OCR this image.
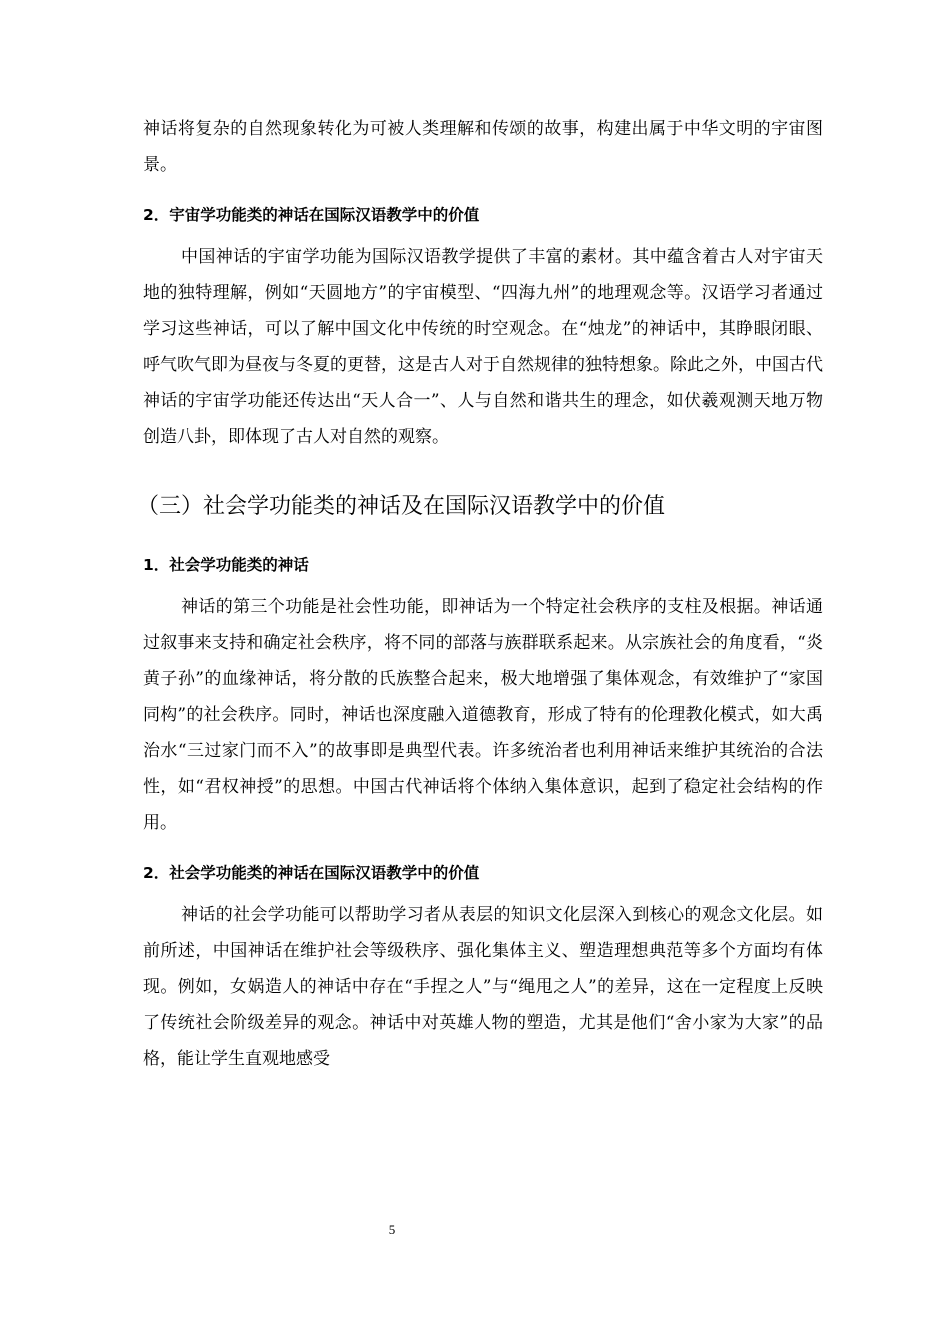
神话将复杂的自然现象转化为可被人类理解和传颂的故事，构建出属于中华文明的宇宙图景。

2．宇宙学功能类的神话在国际汉语教学中的价值

中国神话的宇宙学功能为国际汉语教学提供了丰富的素材。其中蕴含着古人对宇宙天地的独特理解，例如“天圆地方”的宇宙模型、“四海九州”的地理观念等。汉语学习者通过学习这些神话，可以了解中国文化中传统的时空观念。在“烛龙”的神话中，其睁眼闭眼、呼气吹气即为昼夜与冬夏的更替，这是古人对于自然规律的独特想象。除此之外，中国古代神话的宇宙学功能还传达出“天人合一”、人与自然和谐共生的理念，如伏羲观测天地万物创造八卦，即体现了古人对自然的观察。

（三）社会学功能类的神话及在国际汉语教学中的价值
1．社会学功能类的神话

神话的第三个功能是社会性功能，即神话为一个特定社会秩序的支柱及根据。神话通过叙事来支持和确定社会秩序，将不同的部落与族群联系起来。从宗族社会的角度看，“炎黄子孙”的血缘神话，将分散的氏族整合起来，极大地增强了集体观念，有效维护了“家国同构”的社会秩序。同时，神话也深度融入道德教育，形成了特有的伦理教化模式，如大禹治水“三过家门而不入”的故事即是典型代表。许多统治者也利用神话来维护其统治的合法性，如“君权神授”的思想。中国古代神话将个体纳入集体意识，起到了稳定社会结构的作用。

2．社会学功能类的神话在国际汉语教学中的价值

神话的社会学功能可以帮助学习者从表层的知识文化层深入到核心的观念文化层。如前所述，中国神话在维护社会等级秩序、强化集体主义、塑造理想典范等多个方面均有体现。例如，女娲造人的神话中存在“手捏之人”与“绳甩之人”的差异，这在一定程度上反映了传统社会阶级差异的观念。神话中对英雄人物的塑造，尤其是他们“舍小家为大家”的品格，能让学生直观地感受

5
